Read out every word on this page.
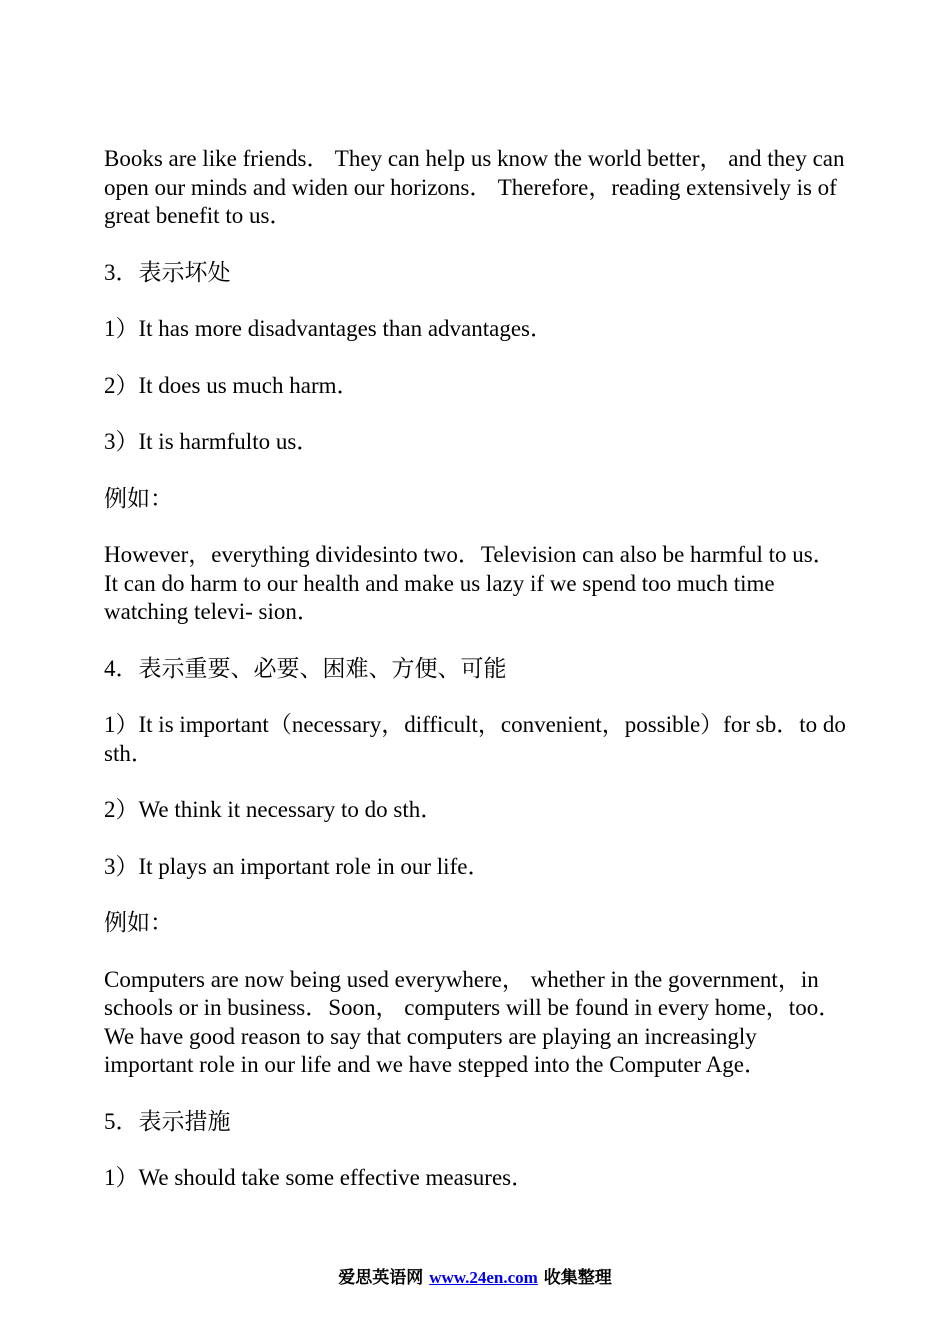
Books are like friends． They can help us know the world better， and they can open our minds and widen our horizons． Therefore，reading extensively is of great benefit to us．

3．表示坏处

1）It has more disadvantages than advantages．

2）It does us much harm．

3）It is harmfulto us．

例如：

However，everything dividesinto two．Television can also be harmful to us． It can do harm to our health and make us lazy if we spend too much time watching televi- sion．

4．表示重要、必要、困难、方便、可能

1）It is important（necessary，difficult，convenient，possible）for sb．to do sth．

2）We think it necessary to do sth．

3）It plays an important role in our life．

例如：

Computers are now being used everywhere， whether in the government，in schools or in business．Soon， computers will be found in every home，too． We have good reason to say that computers are playing an increasingly important role in our life and we have stepped into the Computer Age．

5．表示措施

1）We should take some effective measures．

爱思英语网 www.24en.com 收集整理
